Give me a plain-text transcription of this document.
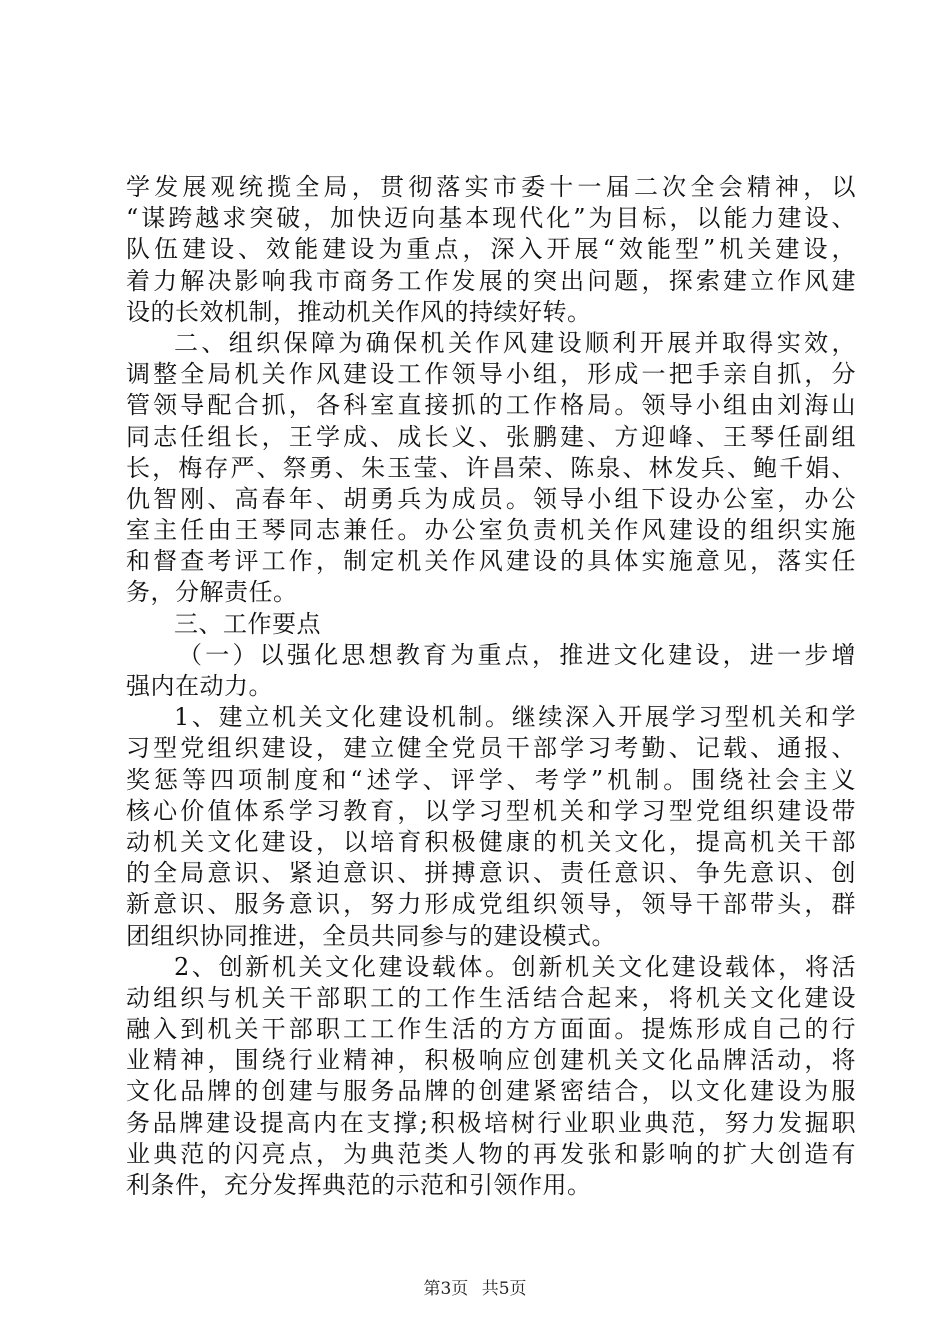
学发展观统揽全局，贯彻落实市委十一届二次全会精神，以
“谋跨越求突破，加快迈向基本现代化”为目标，以能力建设、
队伍建设、效能建设为重点，深入开展“效能型”机关建设，
着力解决影响我市商务工作发展的突出问题，探索建立作风建
设的长效机制，推动机关作风的持续好转。
二、组织保障为确保机关作风建设顺利开展并取得实效，
调整全局机关作风建设工作领导小组，形成一把手亲自抓，分
管领导配合抓，各科室直接抓的工作格局。领导小组由刘海山
同志任组长，王学成、成长义、张鹏建、方迎峰、王琴任副组
长，梅存严、祭勇、朱玉莹、许昌荣、陈泉、林发兵、鲍千娟、
仇智刚、高春年、胡勇兵为成员。领导小组下设办公室，办公
室主任由王琴同志兼任。办公室负责机关作风建设的组织实施
和督查考评工作，制定机关作风建设的具体实施意见，落实任
务，分解责任。
三、工作要点
（一）以强化思想教育为重点，推进文化建设，进一步增
强内在动力。
1、建立机关文化建设机制。继续深入开展学习型机关和学
习型党组织建设，建立健全党员干部学习考勤、记载、通报、
奖惩等四项制度和“述学、评学、考学”机制。围绕社会主义
核心价值体系学习教育，以学习型机关和学习型党组织建设带
动机关文化建设，以培育积极健康的机关文化，提高机关干部
的全局意识、紧迫意识、拼搏意识、责任意识、争先意识、创
新意识、服务意识，努力形成党组织领导，领导干部带头，群
团组织协同推进，全员共同参与的建设模式。
2、创新机关文化建设载体。创新机关文化建设载体，将活
动组织与机关干部职工的工作生活结合起来，将机关文化建设
融入到机关干部职工工作生活的方方面面。提炼形成自己的行
业精神，围绕行业精神，积极响应创建机关文化品牌活动，将
文化品牌的创建与服务品牌的创建紧密结合，以文化建设为服
务品牌建设提高内在支撑;积极培树行业职业典范，努力发掘职
业典范的闪亮点，为典范类人物的再发张和影响的扩大创造有
利条件，充分发挥典范的示范和引领作用。
第3页 共5页
